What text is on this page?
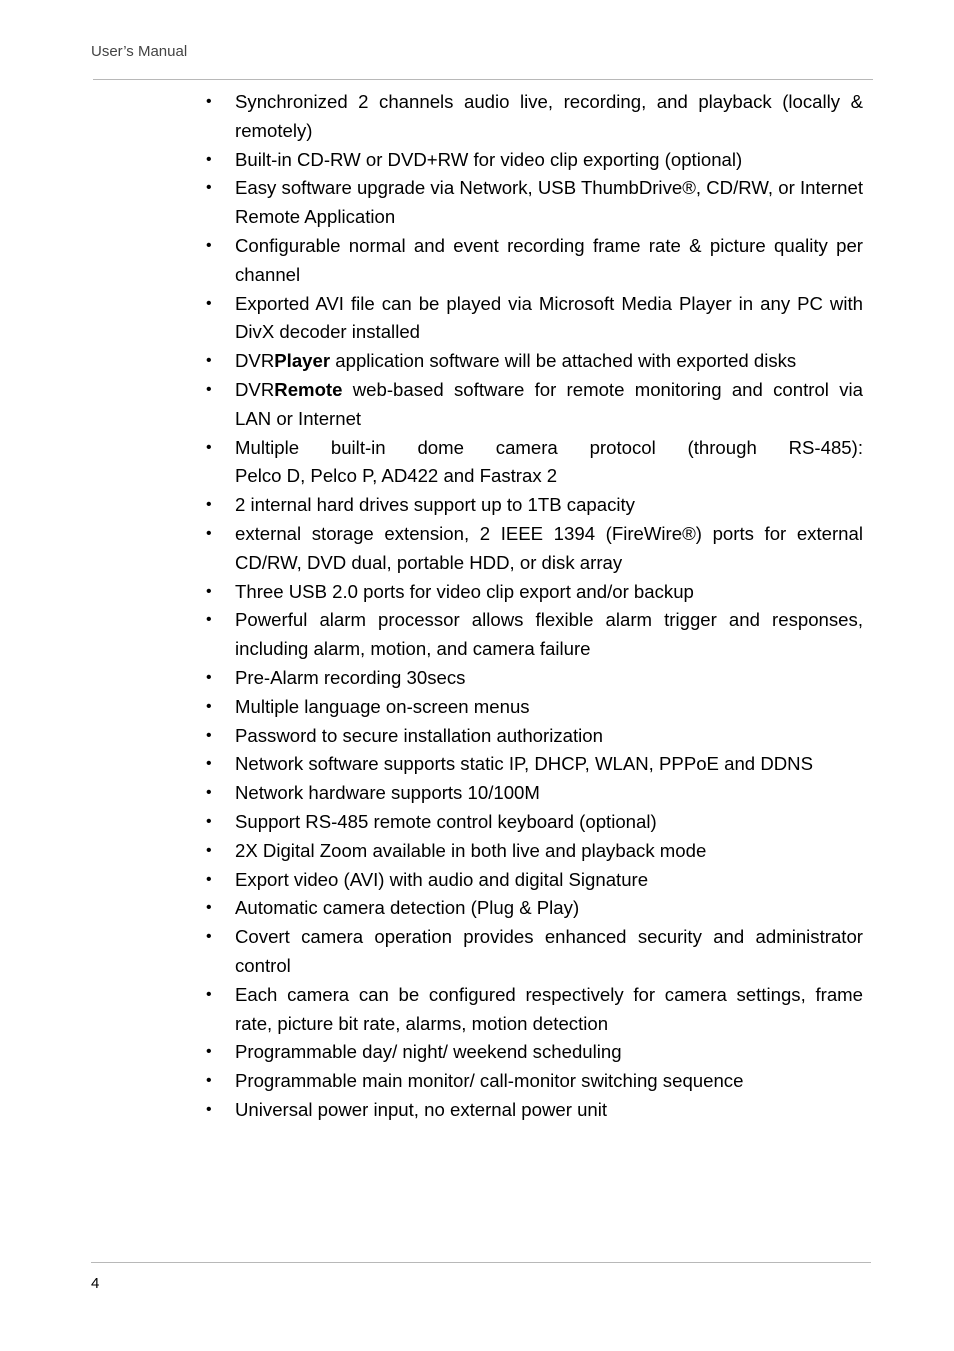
User’s Manual
• Synchronized 2 channels audio live, recording, and playback (locally & remotely)
• Built-in CD-RW or DVD+RW for video clip exporting (optional)
• Easy software upgrade via Network, USB ThumbDrive®, CD/RW, or Internet Remote Application
• Configurable normal and event recording frame rate & picture quality per channel
• Exported AVI file can be played via Microsoft Media Player in any PC with DivX decoder installed
• DVRPlayer application software will be attached with exported disks
• DVRRemote web-based software for remote monitoring and control via LAN or Internet
• Multiple built-in dome camera protocol (through RS-485):
Pelco D, Pelco P, AD422 and Fastrax 2
• 2 internal hard drives support up to 1TB capacity
• external storage extension, 2 IEEE 1394 (FireWire®) ports for external CD/RW, DVD dual, portable HDD, or disk array
• Three USB 2.0 ports for video clip export and/or backup
• Powerful alarm processor allows flexible alarm trigger and responses, including alarm, motion, and camera failure
• Pre-Alarm recording 30secs
• Multiple language on-screen menus
• Password to secure installation authorization
• Network software supports static IP, DHCP, WLAN, PPPoE and DDNS
• Network hardware supports 10/100M
• Support RS-485 remote control keyboard (optional)
• 2X Digital Zoom available in both live and playback mode
• Export video (AVI) with audio and digital Signature
• Automatic camera detection (Plug & Play)
• Covert camera operation provides enhanced security and administrator control
• Each camera can be configured respectively for camera settings, frame rate, picture bit rate, alarms, motion detection
• Programmable day/ night/ weekend scheduling
• Programmable main monitor/ call-monitor switching sequence
• Universal power input, no external power unit
4
